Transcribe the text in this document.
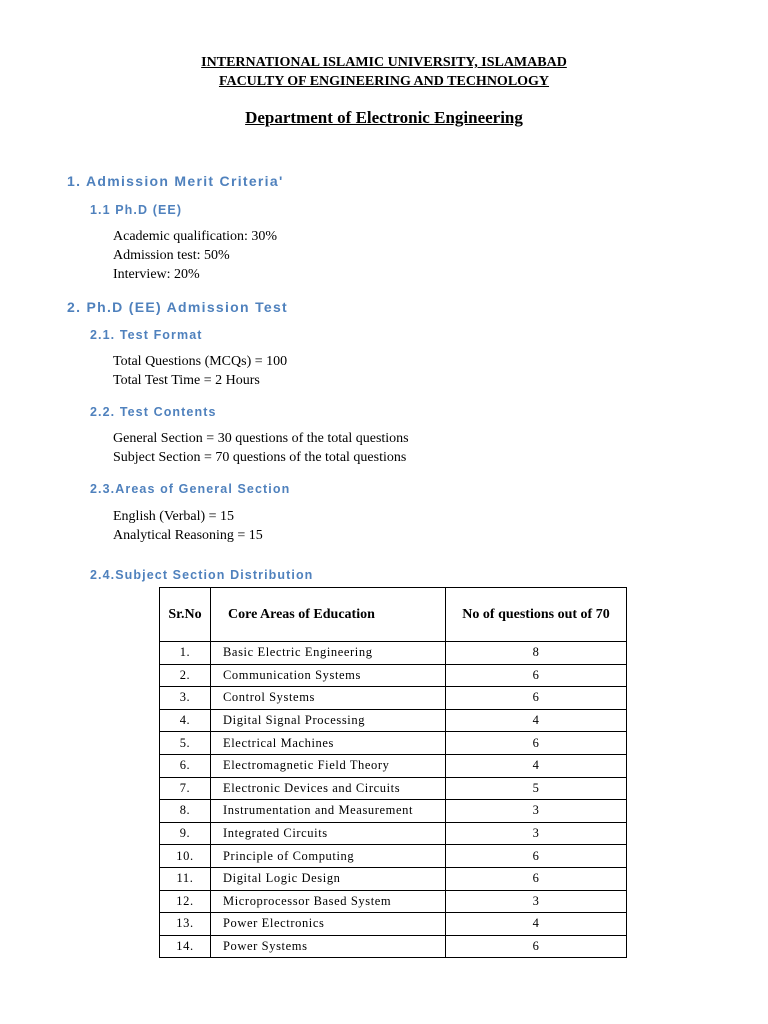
INTERNATIONAL ISLAMIC UNIVERSITY, ISLAMABAD
FACULTY OF ENGINEERING AND TECHNOLOGY
Department of Electronic Engineering
1. Admission Merit Criteria'
1.1 Ph.D (EE)
Academic qualification: 30%
Admission test: 50%
Interview: 20%
2. Ph.D (EE) Admission Test
2.1. Test Format
Total Questions (MCQs) = 100
Total Test Time = 2 Hours
2.2. Test Contents
General Section = 30 questions of the total questions
Subject Section = 70 questions of the total questions
2.3.Areas of General Section
English (Verbal) = 15
Analytical Reasoning = 15
2.4.Subject Section Distribution
Sr.No	Core Areas of Education	No of questions out of 70
1.	Basic Electric Engineering	8
2.	Communication Systems	6
3.	Control Systems	6
4.	Digital Signal Processing	4
5.	Electrical Machines	6
6.	Electromagnetic Field Theory	4
7.	Electronic Devices and Circuits	5
8.	Instrumentation and Measurement	3
9.	Integrated Circuits	3
10.	Principle of Computing	6
11.	Digital Logic Design	6
12.	Microprocessor Based System	3
13.	Power Electronics	4
14.	Power Systems	6
